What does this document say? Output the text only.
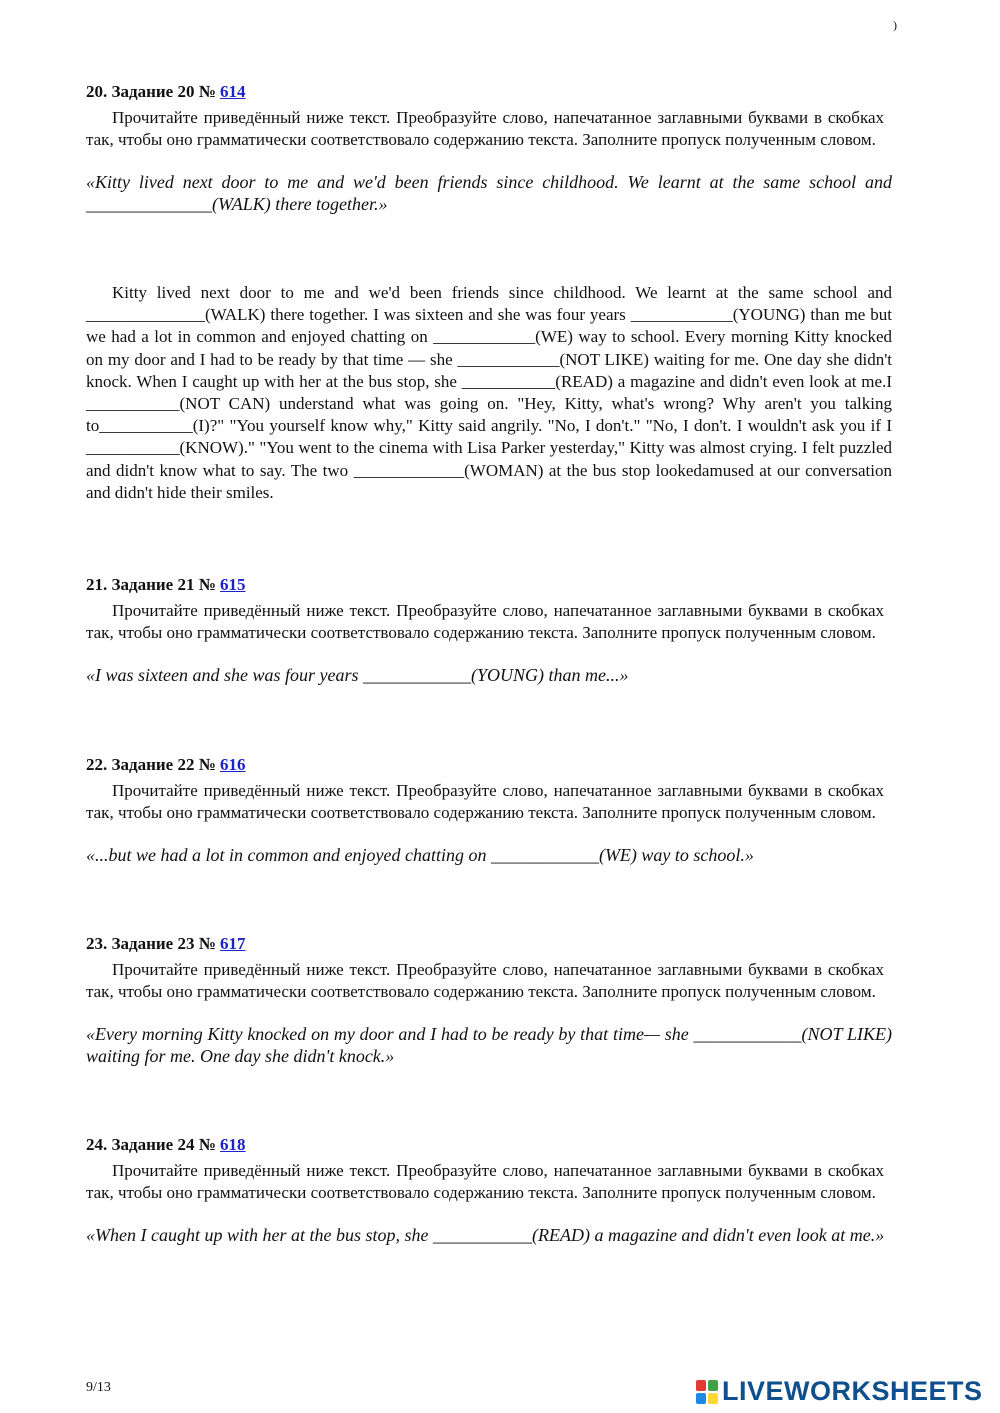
)

20. Задание 20 № 614

Прочитайте приведённый ниже текст. Преобразуйте слово, напечатанное заглавными буквами в скобках так, чтобы оно грамматически соответствовало содержанию текста. Заполните пропуск полученным словом.

«Kitty lived next door to me and we'd been friends since childhood. We learnt at the same school and ______________(WALK) there together.»

Kitty lived next door to me and we'd been friends since childhood. We learnt at the same school and ______________(WALK) there together. I was sixteen and she was four years ____________(YOUNG) than me but we had a lot in common and enjoyed chatting on ____________(WE) way to school. Every morning Kitty knocked on my door and I had to be ready by that time — she ____________(NOT LIKE) waiting for me. One day she didn't knock. When I caught up with her at the bus stop, she ___________(READ) a magazine and didn't even look at me.I ___________(NOT CAN) understand what was going on. "Hey, Kitty, what's wrong? Why aren't you talking to___________(I)?" "You yourself know why," Kitty said angrily. "No, I don't." "No, I don't. I wouldn't ask you if I ___________(KNOW)." "You went to the cinema with Lisa Parker yesterday," Kitty was almost crying. I felt puzzled and didn't know what to say. The two _____________(WOMAN) at the bus stop lookedamused at our conversation and didn't hide their smiles.

21. Задание 21 № 615

Прочитайте приведённый ниже текст. Преобразуйте слово, напечатанное заглавными буквами в скобках так, чтобы оно грамматически соответствовало содержанию текста. Заполните пропуск полученным словом.

«I was sixteen and she was four years ____________(YOUNG) than me...»

22. Задание 22 № 616

Прочитайте приведённый ниже текст. Преобразуйте слово, напечатанное заглавными буквами в скобках так, чтобы оно грамматически соответствовало содержанию текста. Заполните пропуск полученным словом.

«...but we had a lot in common and enjoyed chatting on ____________(WE) way to school.»

23. Задание 23 № 617

Прочитайте приведённый ниже текст. Преобразуйте слово, напечатанное заглавными буквами в скобках так, чтобы оно грамматически соответствовало содержанию текста. Заполните пропуск полученным словом.

«Every morning Kitty knocked on my door and I had to be ready by that time— she ____________(NOT LIKE) waiting for me. One day she didn't knock.»

24. Задание 24 № 618

Прочитайте приведённый ниже текст. Преобразуйте слово, напечатанное заглавными буквами в скобках так, чтобы оно грамматически соответствовало содержанию текста. Заполните пропуск полученным словом.

«When I caught up with her at the bus stop, she ___________(READ) a magazine and didn't even look at me.»

9/13	LIVEWORKSHEETS
